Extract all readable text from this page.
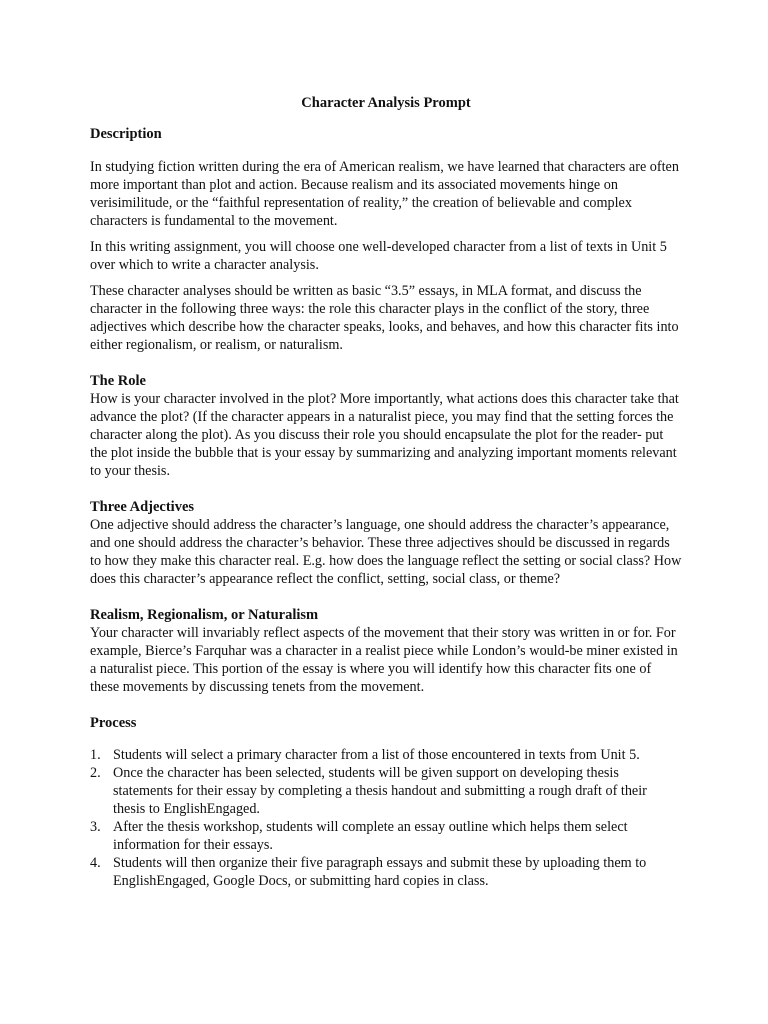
Character Analysis Prompt
Description

In studying fiction written during the era of American realism, we have learned that characters are often more important than plot and action. Because realism and its associated movements hinge on verisimilitude, or the “faithful representation of reality,” the creation of believable and complex characters is fundamental to the movement.

In this writing assignment, you will choose one well-developed character from a list of texts in Unit 5 over which to write a character analysis.

These character analyses should be written as basic “3.5” essays, in MLA format, and discuss the character in the following three ways: the role this character plays in the conflict of the story, three adjectives which describe how the character speaks, looks, and behaves, and how this character fits into either regionalism, or realism, or naturalism.

The Role

How is your character involved in the plot? More importantly, what actions does this character take that advance the plot? (If the character appears in a naturalist piece, you may find that the setting forces the character along the plot). As you discuss their role you should encapsulate the plot for the reader- put the plot inside the bubble that is your essay by summarizing and analyzing important moments relevant to your thesis.

Three Adjectives

One adjective should address the character’s language, one should address the character’s appearance, and one should address the character’s behavior. These three adjectives should be discussed in regards to how they make this character real. E.g. how does the language reflect the setting or social class? How does this character’s appearance reflect the conflict, setting, social class, or theme?

Realism, Regionalism, or Naturalism

Your character will invariably reflect aspects of the movement that their story was written in or for. For example, Bierce’s Farquhar was a character in a realist piece while London’s would-be miner existed in a naturalist piece. This portion of the essay is where you will identify how this character fits one of these movements by discussing tenets from the movement.

Process
1. Students will select a primary character from a list of those encountered in texts from Unit 5.
2. Once the character has been selected, students will be given support on developing thesis statements for their essay by completing a thesis handout and submitting a rough draft of their thesis to EnglishEngaged.
3. After the thesis workshop, students will complete an essay outline which helps them select information for their essays.
4. Students will then organize their five paragraph essays and submit these by uploading them to EnglishEngaged, Google Docs, or submitting hard copies in class.
